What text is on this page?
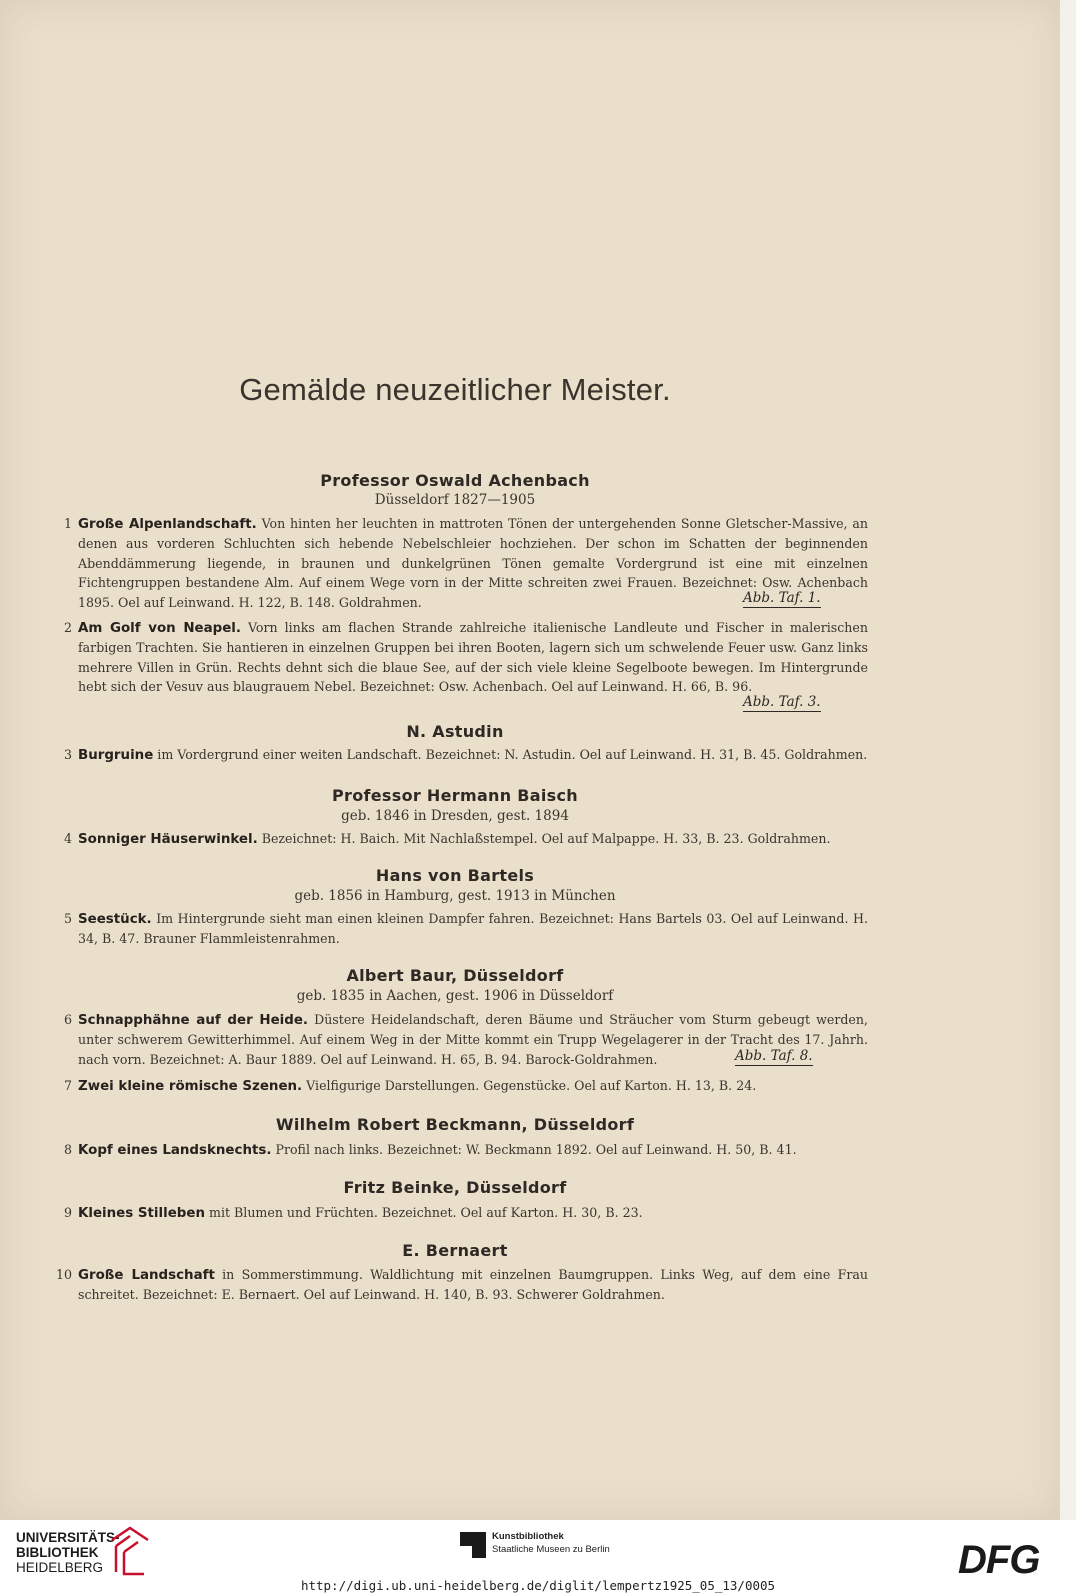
Gemälde neuzeitlicher Meister.
Professor Oswald Achenbach
Düsseldorf 1827—1905
1 Große Alpenlandschaft. Von hinten her leuchten in mattroten Tönen der untergehenden Sonne Gletscher-Massive, an denen aus vorderen Schluchten sich hebende Nebelschleier hochziehen. Der schon im Schatten der beginnenden Abenddämmerung liegende, in braunen und dunkelgrünen Tönen gemalte Vordergrund ist eine mit einzelnen Fichtengruppen bestandene Alm. Auf einem Wege vorn in der Mitte schreiten zwei Frauen. Bezeichnet: Osw. Achenbach 1895. Oel auf Leinwand. H. 122, B. 148. Goldrahmen.	Abb. Taf. 1.
2 Am Golf von Neapel. Vorn links am flachen Strande zahlreiche italienische Landleute und Fischer in malerischen farbigen Trachten. Sie hantieren in einzelnen Gruppen bei ihren Booten, lagern sich um schwelende Feuer usw. Ganz links mehrere Villen in Grün. Rechts dehnt sich die blaue See, auf der sich viele kleine Segelboote bewegen. Im Hintergrunde hebt sich der Vesuv aus blaugrauem Nebel. Bezeichnet: Osw. Achenbach. Oel auf Leinwand. H. 66, B. 96.
Abb. Taf. 3.
N. Astudin
3 Burgruine im Vordergrund einer weiten Landschaft. Bezeichnet: N. Astudin. Oel auf Leinwand. H. 31, B. 45. Goldrahmen.
Professor Hermann Baisch
geb. 1846 in Dresden, gest. 1894
4 Sonniger Häuserwinkel. Bezeichnet: H. Baich. Mit Nachlaßstempel. Oel auf Malpappe. H. 33, B. 23. Goldrahmen.
Hans von Bartels
geb. 1856 in Hamburg, gest. 1913 in München
5 Seestück. Im Hintergrunde sieht man einen kleinen Dampfer fahren. Bezeichnet: Hans Bartels 03. Oel auf Leinwand. H. 34, B. 47. Brauner Flammleistenrahmen.
Albert Baur, Düsseldorf
geb. 1835 in Aachen, gest. 1906 in Düsseldorf
6 Schnapphähne auf der Heide. Düstere Heidelandschaft, deren Bäume und Sträucher vom Sturm gebeugt werden, unter schwerem Gewitterhimmel. Auf einem Weg in der Mitte kommt ein Trupp Wegelagerer in der Tracht des 17. Jahrh. nach vorn. Bezeichnet: A. Baur 1889. Oel auf Leinwand. H. 65, B. 94. Barock-Goldrahmen.	Abb. Taf. 8.
7 Zwei kleine römische Szenen. Vielfigurige Darstellungen. Gegenstücke. Oel auf Karton. H. 13, B. 24.
Wilhelm Robert Beckmann, Düsseldorf
8 Kopf eines Landsknechts. Profil nach links. Bezeichnet: W. Beckmann 1892. Oel auf Leinwand. H. 50, B. 41.
Fritz Beinke, Düsseldorf
9 Kleines Stilleben mit Blumen und Früchten. Bezeichnet. Oel auf Karton. H. 30, B. 23.
E. Bernaert
10 Große Landschaft in Sommerstimmung. Waldlichtung mit einzelnen Baumgruppen. Links Weg, auf dem eine Frau schreitet. Bezeichnet: E. Bernaert. Oel auf Leinwand. H. 140, B. 93. Schwerer Goldrahmen.
UNIVERSITÄTS-
BIBLIOTHEK
HEIDELBERG
Kunstbibliothek
Staatliche Museen zu Berlin	DFG
http://digi.ub.uni-heidelberg.de/diglit/lempertz1925_05_13/0005
